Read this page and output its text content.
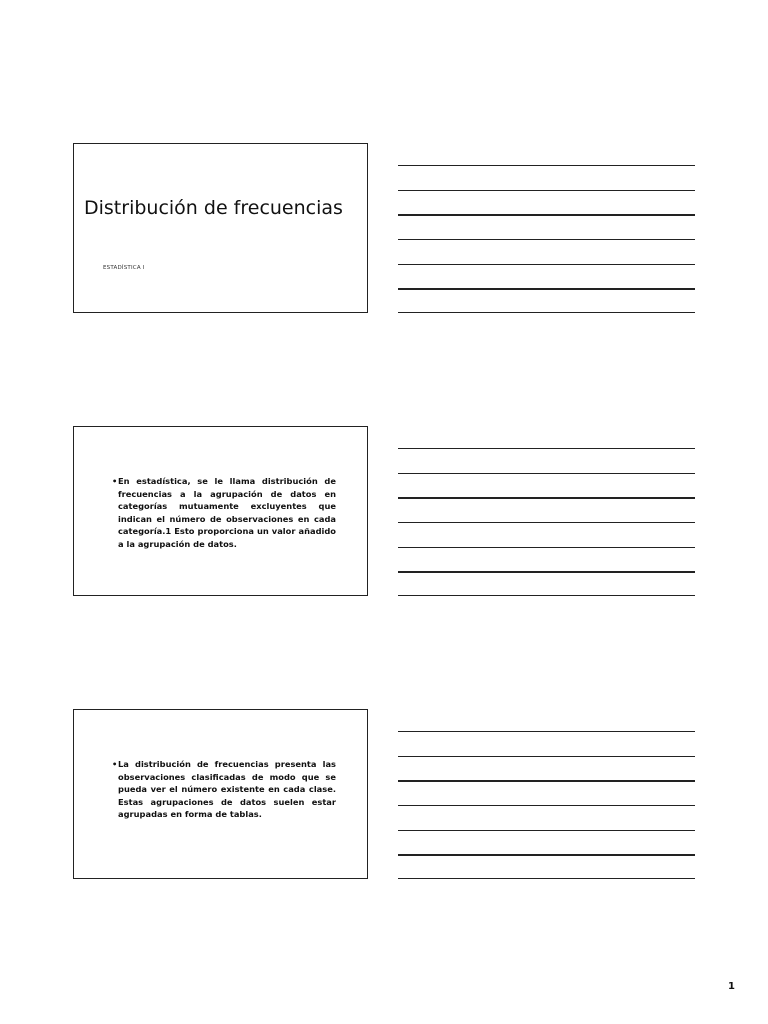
Distribución de frecuencias
ESTADÍSTICA I
•En estadística, se le llama distribución de frecuencias a la agrupación de datos en categorías mutuamente excluyentes que indican el número de observaciones en cada categoría.1 Esto proporciona un valor añadido a la agrupación de datos.
•La distribución de frecuencias presenta las observaciones clasificadas de modo que se pueda ver el número existente en cada clase. Estas agrupaciones de datos suelen estar agrupadas en forma de tablas.
1
